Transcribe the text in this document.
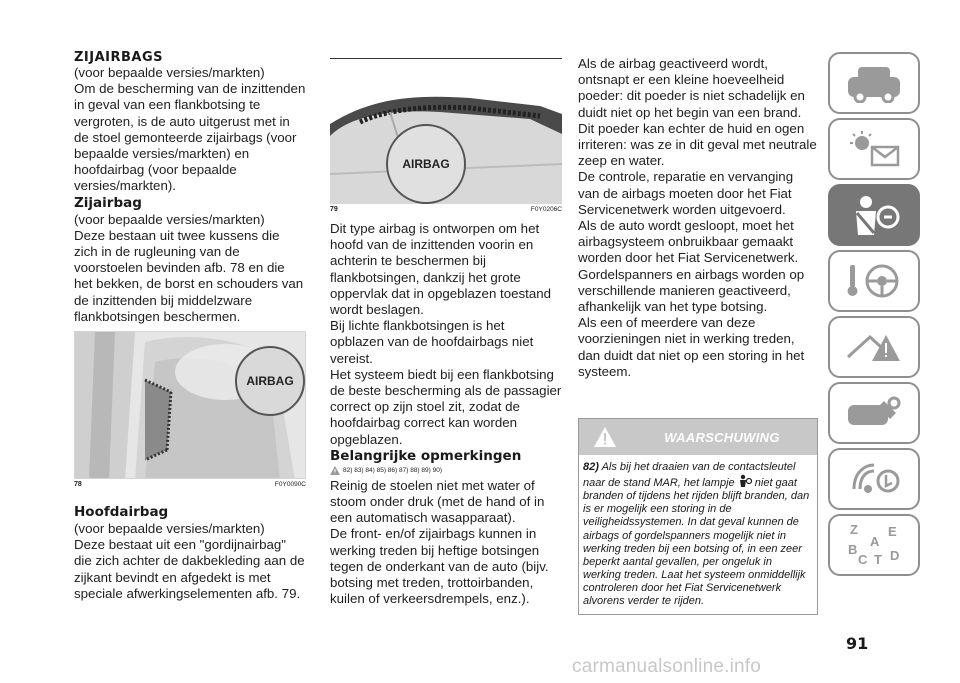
ZIJAIRBAGS
(voor bepaalde versies/markten)
Om de bescherming van de inzittenden in geval van een flankbotsing te vergroten, is de auto uitgerust met in de stoel gemonteerde zijairbags (voor bepaalde versies/markten) en hoofdairbag (voor bepaalde versies/markten).
Zijairbag
(voor bepaalde versies/markten)
Deze bestaan uit twee kussens die zich in de rugleuning van de voorstoelen bevinden afb. 78 en die het bekken, de borst en schouders van de inzittenden bij middelzware flankbotsingen beschermen.
AIRBAG
78	F0Y0090C
Hoofdairbag
(voor bepaalde versies/markten)
Deze bestaat uit een "gordijnairbag" die zich achter de dakbekleding aan de zijkant bevindt en afgedekt is met speciale afwerkingselementen afb. 79.
AIRBAG
79	F0Y0206C
Dit type airbag is ontworpen om het hoofd van de inzittenden voorin en achterin te beschermen bij flankbotsingen, dankzij het grote oppervlak dat in opgeblazen toestand wordt beslagen.
Bij lichte flankbotsingen is het opblazen van de hoofdairbags niet vereist.
Het systeem biedt bij een flankbotsing de beste bescherming als de passagier correct op zijn stoel zit, zodat de hoofdairbag correct kan worden opgeblazen.
Belangrijke opmerkingen
82) 83) 84) 85) 86) 87) 88) 89) 90)
Reinig de stoelen niet met water of stoom onder druk (met de hand of in een automatisch wasapparaat).
De front- en/of zijairbags kunnen in werking treden bij heftige botsingen tegen de onderkant van de auto (bijv. botsing met treden, trottoirbanden, kuilen of verkeersdrempels, enz.).
Als de airbag geactiveerd wordt, ontsnapt er een kleine hoeveelheid poeder: dit poeder is niet schadelijk en duidt niet op het begin van een brand. Dit poeder kan echter de huid en ogen irriteren: was ze in dit geval met neutrale zeep en water.
De controle, reparatie en vervanging van de airbags moeten door het Fiat Servicenetwerk worden uitgevoerd.
Als de auto wordt gesloopt, moet het airbagsysteem onbruikbaar gemaakt worden door het Fiat Servicenetwerk.
Gordelspanners en airbags worden op verschillende manieren geactiveerd, afhankelijk van het type botsing.
Als een of meerdere van deze voorzieningen niet in werking treden, dan duidt dat niet op een storing in het systeem.
WAARSCHUWING
82) Als bij het draaien van de contactsleutel naar de stand MAR, het lampje niet gaat branden of tijdens het rijden blijft branden, dan is er mogelijk een storing in de veiligheidssystemen. In dat geval kunnen de airbags of gordelspanners mogelijk niet in werking treden bij een botsing of, in een zeer beperkt aantal gevallen, per ongeluk in werking treden. Laat het systeem onmiddellijk controleren door het Fiat Servicenetwerk alvorens verder te rijden.
Z E
A
B
C T D
91
carmanualsonline.info
